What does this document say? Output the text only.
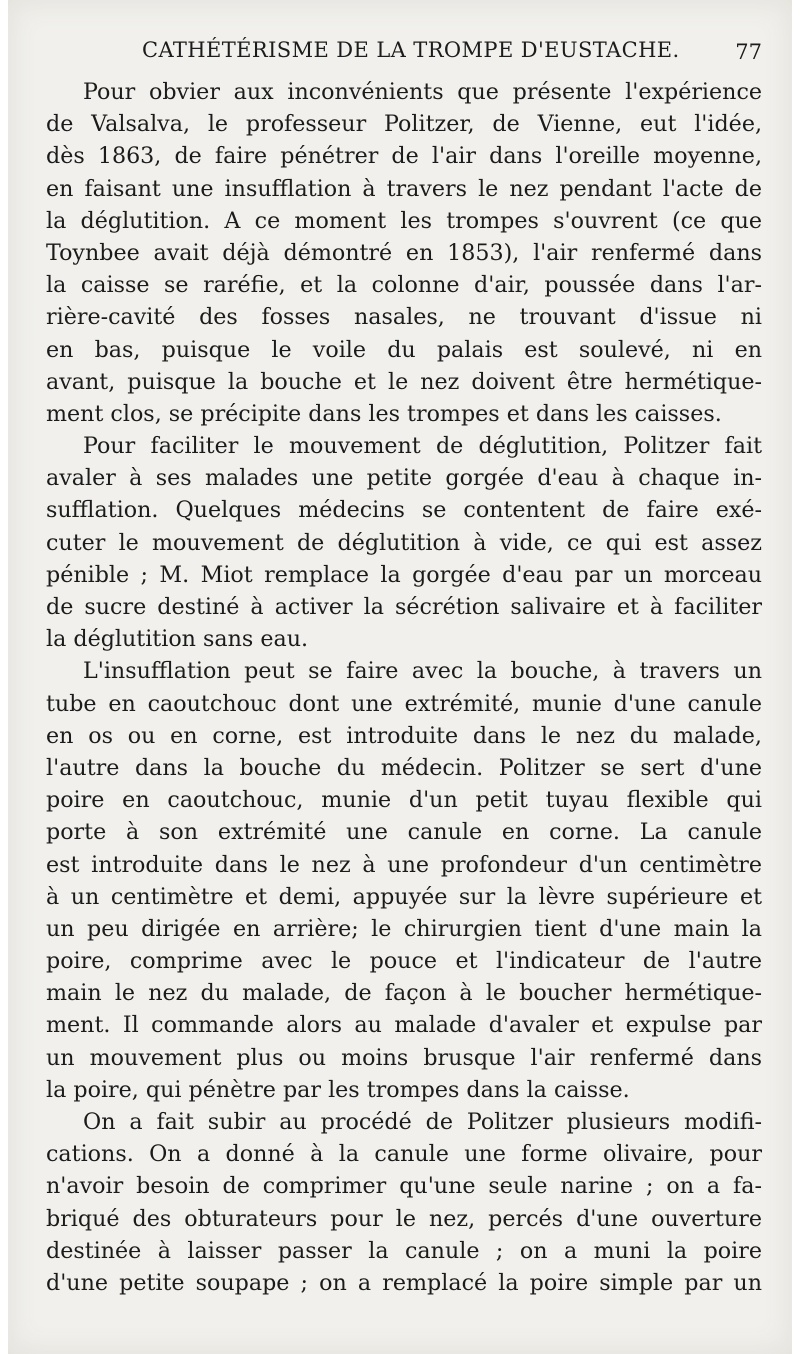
CATHÉTÉRISME DE LA TROMPE D'EUSTACHE.	77
Pour obvier aux inconvénients que présente l'expérience
de Valsalva, le professeur Politzer, de Vienne, eut l'idée,
dès 1863, de faire pénétrer de l'air dans l'oreille moyenne,
en faisant une insufflation à travers le nez pendant l'acte de
la déglutition. A ce moment les trompes s'ouvrent (ce que
Toynbee avait déjà démontré en 1853), l'air renfermé dans
la caisse se raréfie, et la colonne d'air, poussée dans l'ar-
rière-cavité des fosses nasales, ne trouvant d'issue ni
en bas, puisque le voile du palais est soulevé, ni en
avant, puisque la bouche et le nez doivent être hermétique-
ment clos, se précipite dans les trompes et dans les caisses.
Pour faciliter le mouvement de déglutition, Politzer fait
avaler à ses malades une petite gorgée d'eau à chaque in-
sufflation. Quelques médecins se contentent de faire exé-
cuter le mouvement de déglutition à vide, ce qui est assez
pénible ; M. Miot remplace la gorgée d'eau par un morceau
de sucre destiné à activer la sécrétion salivaire et à faciliter
la déglutition sans eau.
L'insufflation peut se faire avec la bouche, à travers un
tube en caoutchouc dont une extrémité, munie d'une canule
en os ou en corne, est introduite dans le nez du malade,
l'autre dans la bouche du médecin. Politzer se sert d'une
poire en caoutchouc, munie d'un petit tuyau flexible qui
porte à son extrémité une canule en corne. La canule
est introduite dans le nez à une profondeur d'un centimètre
à un centimètre et demi, appuyée sur la lèvre supérieure et
un peu dirigée en arrière; le chirurgien tient d'une main la
poire, comprime avec le pouce et l'indicateur de l'autre
main le nez du malade, de façon à le boucher hermétique-
ment. Il commande alors au malade d'avaler et expulse par
un mouvement plus ou moins brusque l'air renfermé dans
la poire, qui pénètre par les trompes dans la caisse.
On a fait subir au procédé de Politzer plusieurs modifi-
cations. On a donné à la canule une forme olivaire, pour
n'avoir besoin de comprimer qu'une seule narine ; on a fa-
briqué des obturateurs pour le nez, percés d'une ouverture
destinée à laisser passer la canule ; on a muni la poire
d'une petite soupape ; on a remplacé la poire simple par un
